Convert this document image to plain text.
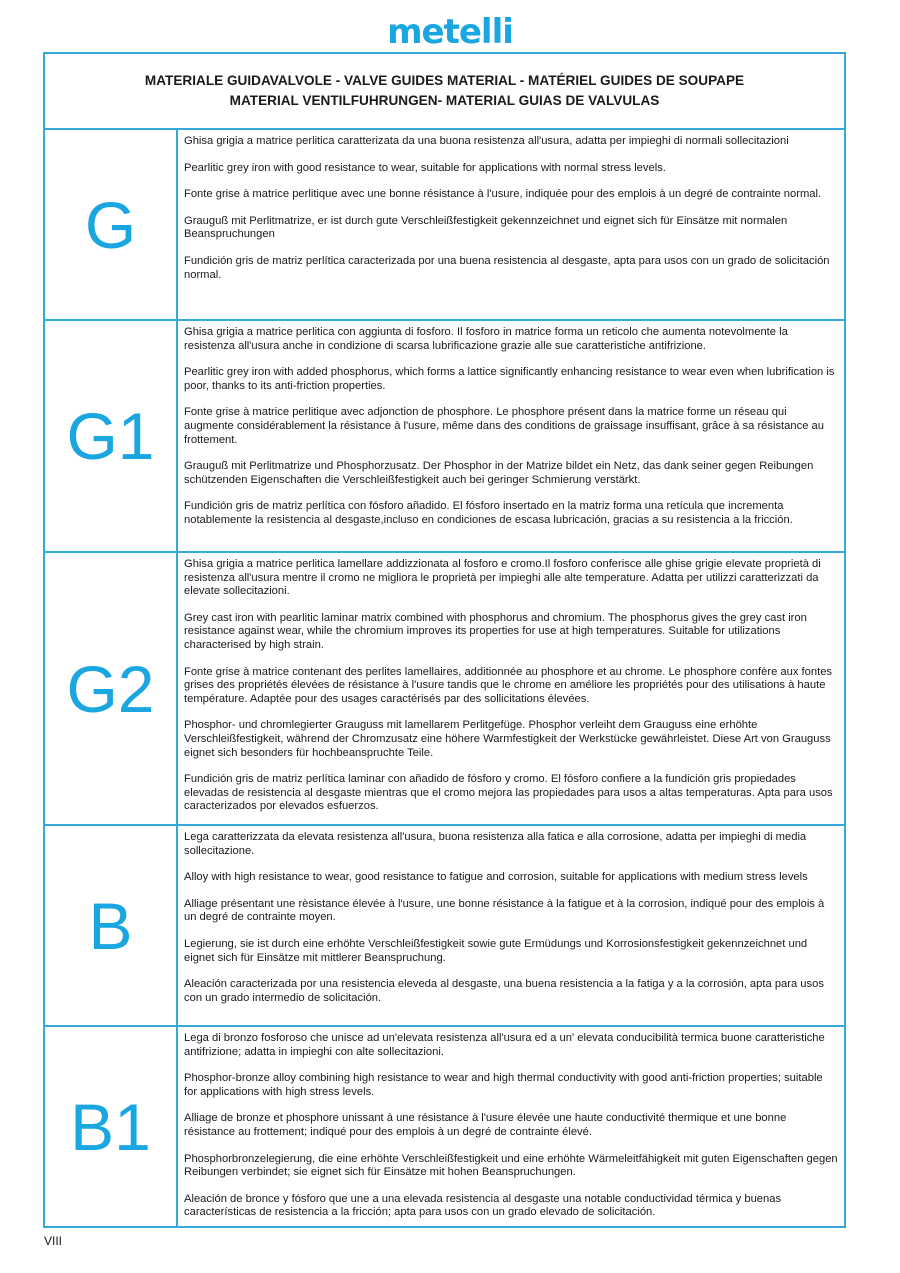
metelli
MATERIALE GUIDAVALVOLE - VALVE GUIDES MATERIAL - MATÉRIEL GUIDES DE SOUPAPE
MATERIAL VENTILFUHRUNGEN- MATERIAL GUIAS DE VALVULAS
G

Ghisa grigia a matrice perlitica caratterizata da una buona resistenza all'usura, adatta per impieghi di normali sollecitazioni

Pearlitic grey iron with good resistance to wear, suitable for applications with normal stress levels.

Fonte grise à matrice perlitique avec une bonne résistance à l'usure, indiquée pour des emplois à un degré de contrainte normal.

Grauguß mit Perlitmatrize, er ist durch gute Verschleißfestigkeit gekennzeichnet und eignet sich für Einsätze mit normalen Beanspruchungen

Fundición gris de matriz perlítica caracterizada por una buena resistencia al desgaste, apta para usos con un grado de solicitación normal.

G1

Ghisa grigia a matrice perlitica con aggiunta di fosforo. Il fosforo in matrice forma un reticolo che aumenta notevolmente la resistenza all'usura anche in condizione di scarsa lubrificazione grazie alle sue caratteristiche antifrizione.

Pearlitic grey iron with added phosphorus, which forms a lattice significantly enhancing resistance to wear even when lubrification is poor, thanks to its anti-friction properties.

Fonte grise à matrice perlitique avec adjonction de phosphore. Le phosphore présent dans la matrice forme un réseau qui augmente considérablement la résistance à l'usure, même dans des conditions de graissage insuffisant, grâce à sa résistance au frottement.

Grauguß mit Perlitmatrize und Phosphorzusatz. Der Phosphor in der Matrize bildet ein Netz, das dank seiner gegen Reibungen schützenden Eigenschaften die Verschleißfestigkeit auch bei geringer Schmierung verstärkt.

Fundición gris de matriz perlítica con fósforo añadido. El fósforo insertado en la matriz forma una retícula que incrementa notablemente la resistencia al desgaste,incluso en condiciones de escasa lubricación, gracias a su resistencia a la fricción.

G2

Ghisa grigia a matrice perlitica lamellare addizzionata al fosforo e cromo.Il fosforo conferisce alle ghise grigie elevate proprietà di resistenza all'usura mentre il cromo ne migliora le proprietà per impieghi alle alte temperature. Adatta per utilizzi caratterizzati da elevate sollecitazioni.

Grey cast iron with pearlitic laminar matrix combined with phosphorus and chromium. The phosphorus gives the grey cast iron resistance against wear, while the chromium improves its properties for use at high temperatures. Suitable for utilizations characterised by high strain.

Fonte grise à matrice contenant des perlites lamellaires, additionnée au phosphore et au chrome. Le phosphore confère aux fontes grises des propriétés élevées de résistance à l'usure tandis que le chrome en améliore les propriétés pour des utilisations à haute température. Adaptée pour des usages caractérisés par des sollicitations élevées.

Phosphor- und chromlegierter Grauguss mit lamellarem Perlitgefüge. Phosphor verleiht dem Grauguss eine erhöhte Verschleißfestigkeit, während der Chromzusatz eine höhere Warmfestigkeit der Werkstücke gewährleistet. Diese Art von Grauguss eignet sich besonders für hochbeanspruchte Teile.

Fundición gris de matriz perlítica laminar con añadido de fósforo y cromo. El fósforo confiere a la fundición gris propiedades elevadas de resistencia al desgaste mientras que el cromo mejora las propiedades para usos a altas temperaturas. Apta para usos caracterizados por elevados esfuerzos.

B

Lega caratterizzata da elevata resistenza all'usura, buona resistenza alla fatica e alla corrosione, adatta per impieghi di media sollecitazione.

Alloy with high resistance to wear, good resistance to fatigue and corrosion, suitable for applications with medium stress levels

Alliage présentant une rèsistance élevée à l'usure, une bonne résistance à la fatigue et à la corrosion, indiqué pour des emplois à un degré de contrainte moyen.

Legierung, sie ist durch eine erhöhte Verschleißfestigkeit sowie gute Ermüdungs und Korrosionsfestigkeit gekennzeichnet und eignet sich für Einsätze mit mittlerer Beanspruchung.

Aleación caracterizada por una resistencia eleveda al desgaste, una buena resistencia a la fatiga y a la corrosión, apta para usos con un grado intermedio de solicitación.

B1

Lega di bronzo fosforoso che unisce ad un'elevata resistenza all'usura ed a un' elevata conducibilità termica buone caratteristiche antifrizione; adatta in impieghi con alte sollecitazioni.

Phosphor-bronze alloy combining high resistance to wear and high thermal conductivity with good anti-friction properties; suitable for applications with high stress levels.

Alliage de bronze et phosphore unissant à une résistance à l'usure élevée une haute conductivité thermique et une bonne résistance au frottement; indiqué pour des emplois à un degré de contrainte élevé.

Phosphorbronzelegierung, die eine erhöhte Verschleißfestigkeit und eine erhöhte Wärmeleitfähigkeit mit guten Eigenschaften gegen Reibungen verbindet; sie eignet sich für Einsätze mit hohen Beanspruchungen.

Aleación de bronce y fósforo que une a una elevada resistencia al desgaste una notable conductividad térmica y buenas características de resistencia a la fricción; apta para usos con un grado elevado de solicitación.

VIII
